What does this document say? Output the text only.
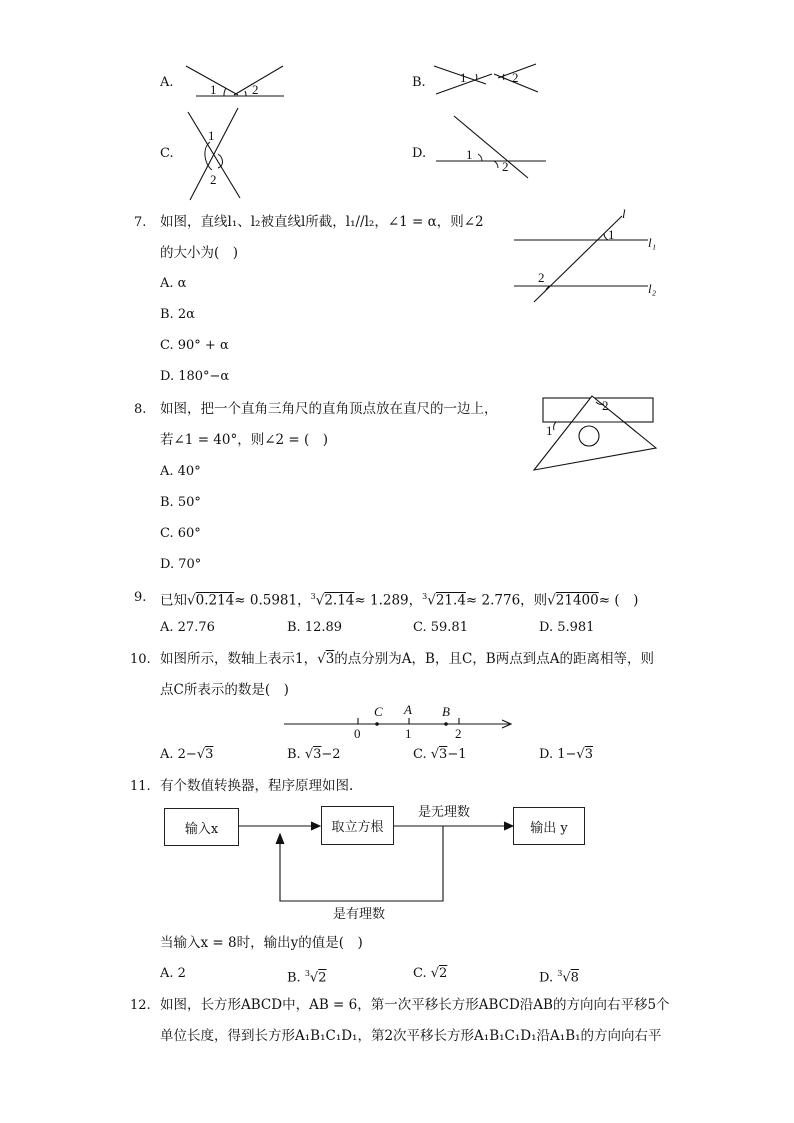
A.	1	2	B.	1	2
C.
1
2
D.	1
2
7. 如图，直线l₁、l₂被直线l所截，l₁//l₂，∠1 = α，则∠2
的大小为(　)
A. α
B. 2α
C. 90° + α
D. 180°−α
l
l₁
l₂
1
2
8. 如图，把一个直角三角尺的直角顶点放在直尺的一边上，
若∠1 = 40°，则∠2 = (　)
A. 40°
B. 50°
C. 60°
D. 70°
2
1
9. 已知√0.214≈ 0.5981，$^3$√2.14≈ 1.289，$^3$√21.4≈ 2.776，则√21400≈ (　)
A. 27.76	B. 12.89	C. 59.81	D. 5.981
10. 如图所示，数轴上表示1，√3的点分别为A，B，且C，B两点到点A的距离相等，则
点C所表示的数是(　)
0	1	2
C A B
A. 2−√3	B. √3−2	C. √3−1	D. 1−√3
11. 有个数值转换器，程序原理如图.
输入x	取立方根	输出 y
是无理数
是有理数
当输入x = 8时，输出y的值是(　)
A. 2	B. $^3$√2	C. √2	D. $^3$√8
12. 如图，长方形ABCD中，AB = 6，第一次平移长方形ABCD沿AB的方向向右平移5个
单位长度，得到长方形A₁B₁C₁D₁，第2次平移长方形A₁B₁C₁D₁沿A₁B₁的方向向右平
